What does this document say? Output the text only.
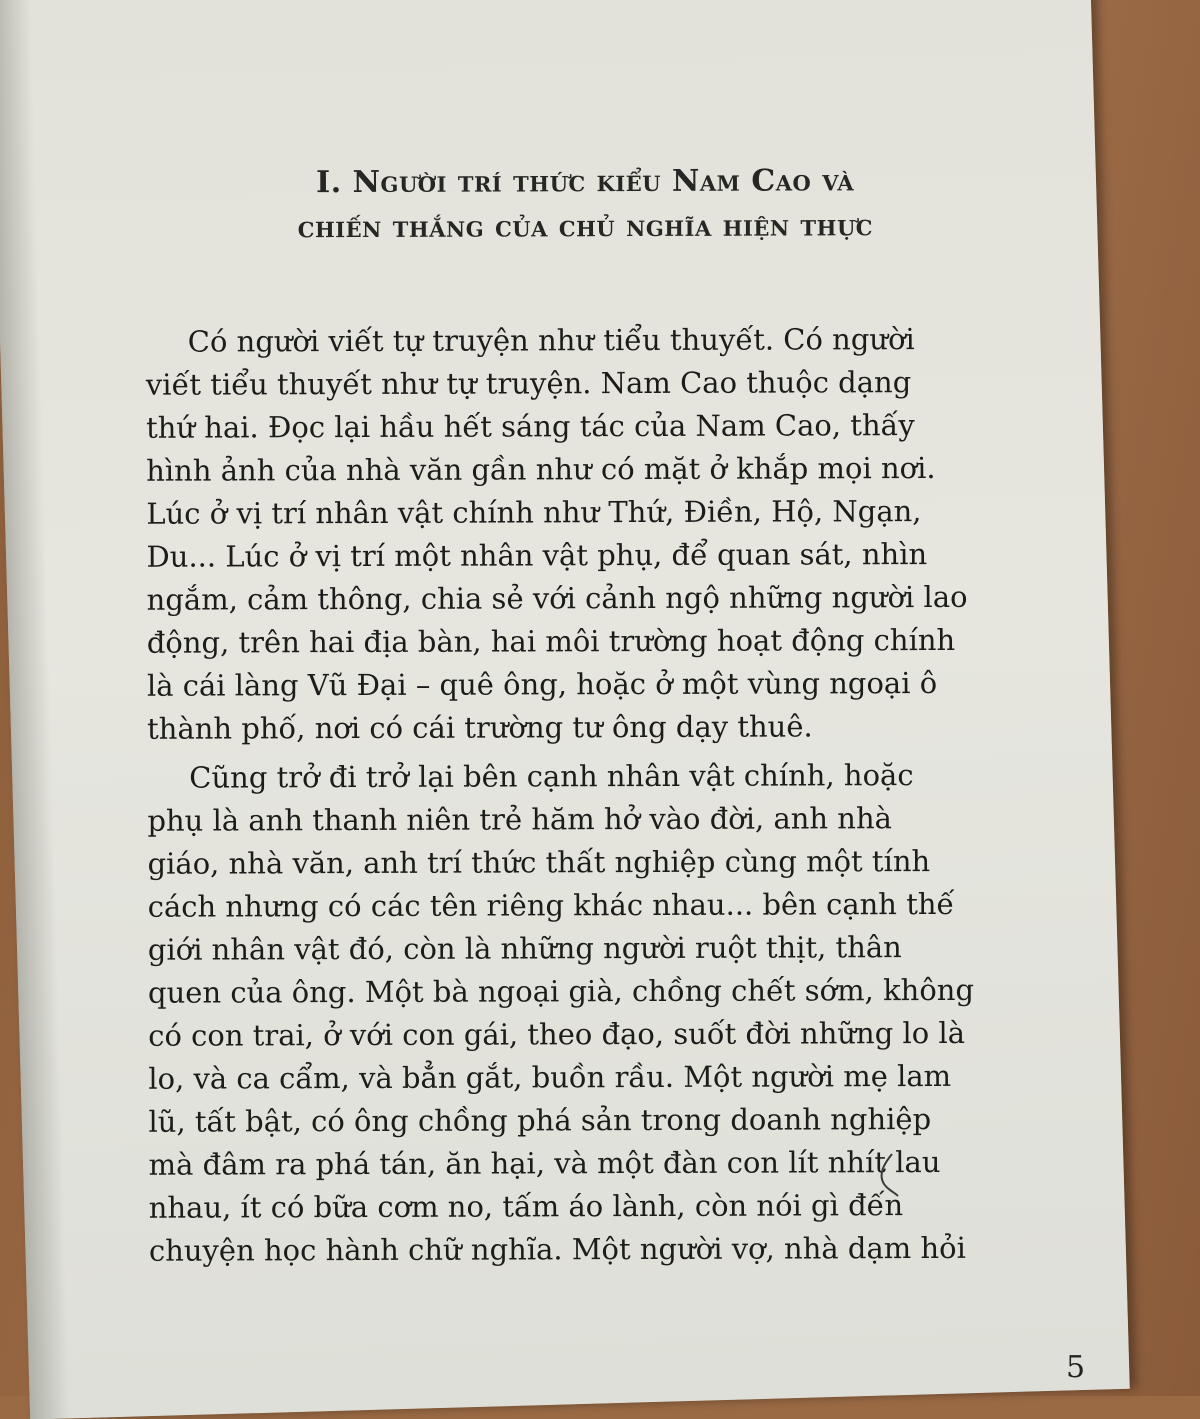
I. Người trí thức kiểu Nam Cao và
chiến thắng của chủ nghĩa hiện thực

Có người viết tự truyện như tiểu thuyết. Có người
viết tiểu thuyết như tự truyện. Nam Cao thuộc dạng
thứ hai. Đọc lại hầu hết sáng tác của Nam Cao, thấy
hình ảnh của nhà văn gần như có mặt ở khắp mọi nơi.
Lúc ở vị trí nhân vật chính như Thứ, Điền, Hộ, Ngạn,
Du... Lúc ở vị trí một nhân vật phụ, để quan sát, nhìn
ngắm, cảm thông, chia sẻ với cảnh ngộ những người lao
động, trên hai địa bàn, hai môi trường hoạt động chính
là cái làng Vũ Đại – quê ông, hoặc ở một vùng ngoại ô
thành phố, nơi có cái trường tư ông dạy thuê.

Cũng trở đi trở lại bên cạnh nhân vật chính, hoặc
phụ là anh thanh niên trẻ hăm hở vào đời, anh nhà
giáo, nhà văn, anh trí thức thất nghiệp cùng một tính
cách nhưng có các tên riêng khác nhau... bên cạnh thế
giới nhân vật đó, còn là những người ruột thịt, thân
quen của ông. Một bà ngoại già, chồng chết sớm, không
có con trai, ở với con gái, theo đạo, suốt đời những lo là
lo, và ca cẩm, và bẳn gắt, buồn rầu. Một người mẹ lam
lũ, tất bật, có ông chồng phá sản trong doanh nghiệp
mà đâm ra phá tán, ăn hại, và một đàn con lít nhít lau
nhau, ít có bữa cơm no, tấm áo lành, còn nói gì đến
chuyện học hành chữ nghĩa. Một người vợ, nhà dạm hỏi

5
